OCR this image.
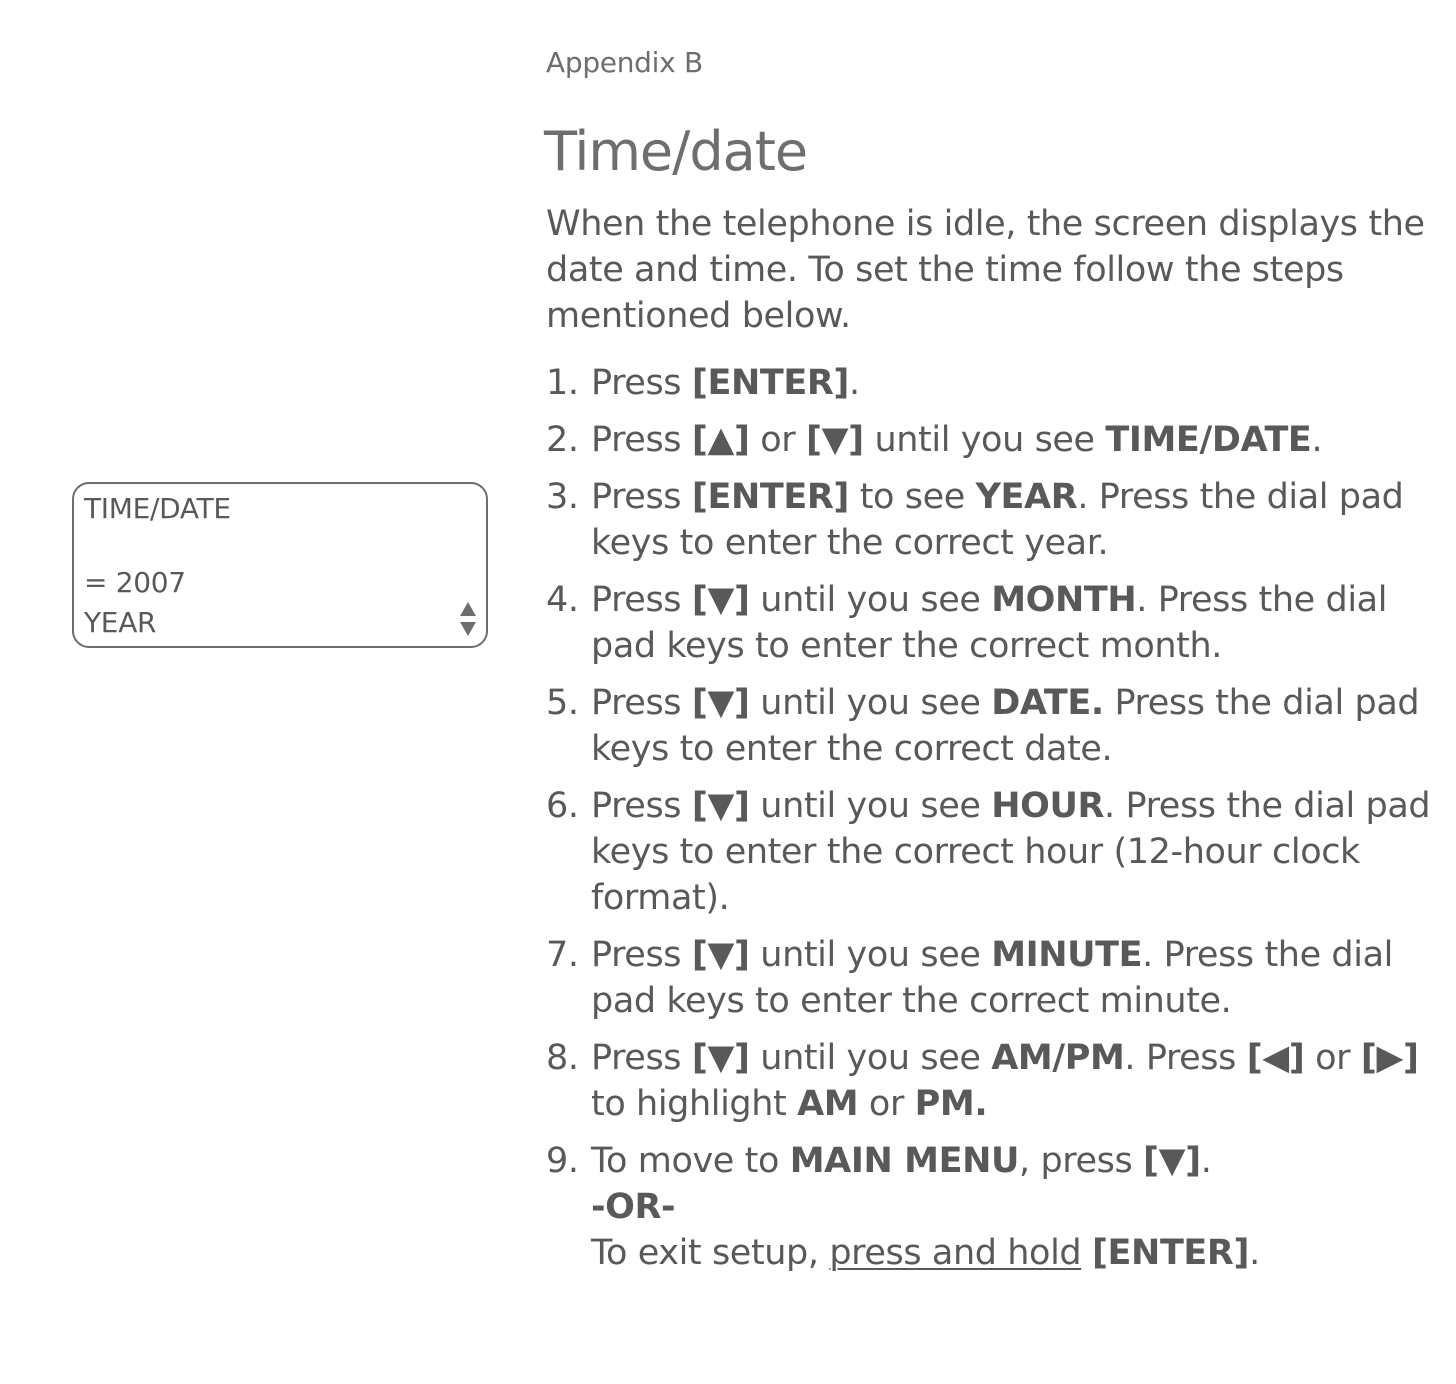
Appendix B
Time/date

When the telephone is idle, the screen displays the date and time. To set the time follow the steps mentioned below.

TIME/DATE
= 2007
YEAR
1. Press [ENTER].
2. Press [▲] or [▼] until you see TIME/DATE.
3. Press [ENTER] to see YEAR. Press the dial pad keys to enter the correct year.
4. Press [▼] until you see MONTH. Press the dial pad keys to enter the correct month.
5. Press [▼] until you see DATE. Press the dial pad keys to enter the correct date.
6. Press [▼] until you see HOUR. Press the dial pad keys to enter the correct hour (12-hour clock format).
7. Press [▼] until you see MINUTE. Press the dial pad keys to enter the correct minute.
8. Press [▼] until you see AM/PM. Press [◀] or [▶] to highlight AM or PM.
9. To move to MAIN MENU, press [▼].
-OR-
To exit setup, press and hold [ENTER].
